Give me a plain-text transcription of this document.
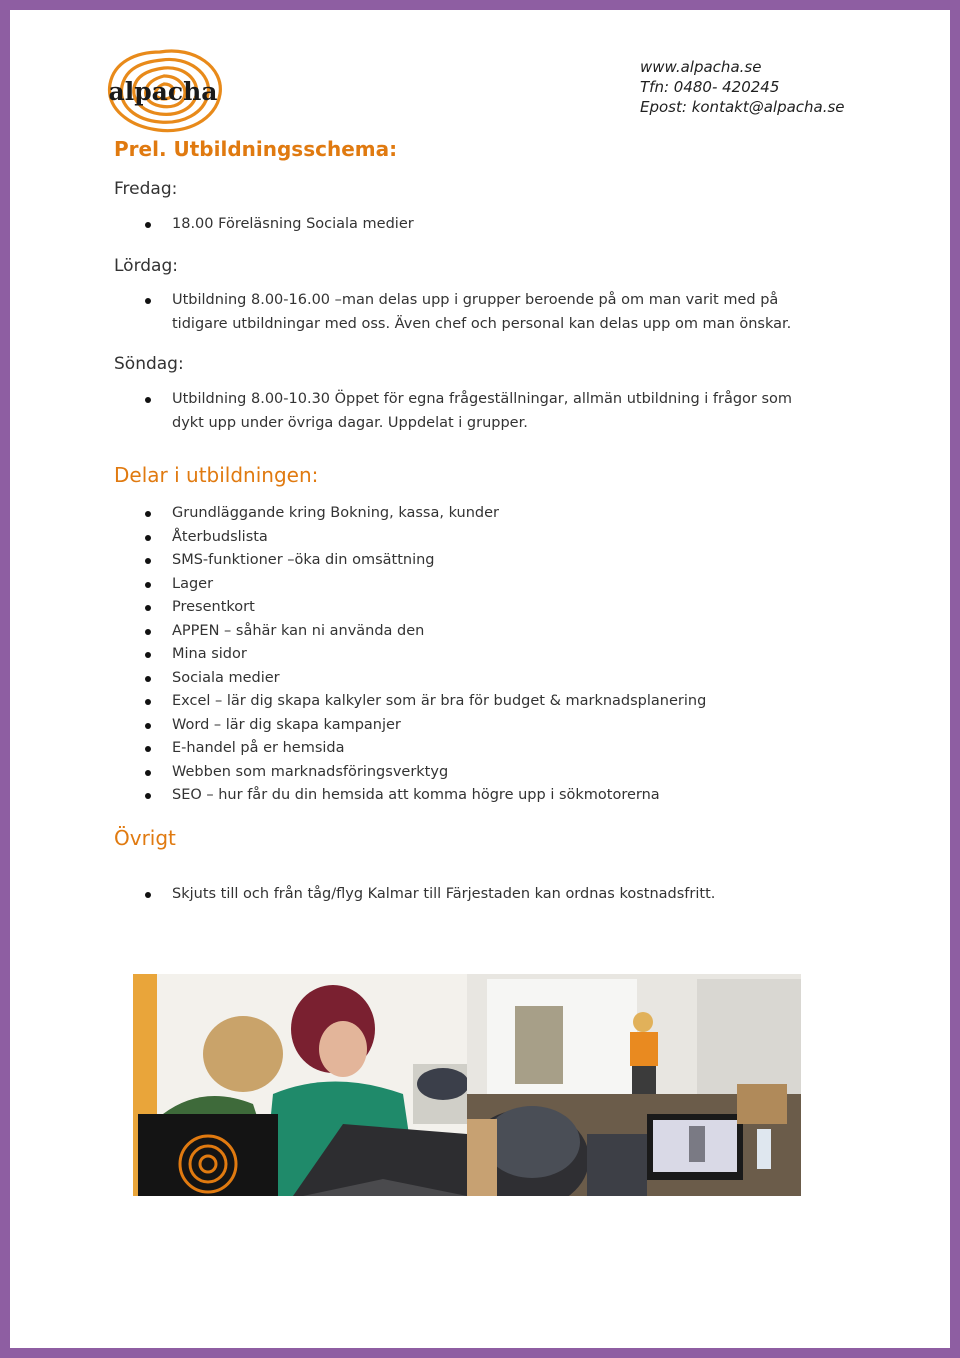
alpacha
www.alpacha.se
Tfn: 0480- 420245
Epost: kontakt@alpacha.se
Prel. Utbildningsschema:
Fredag:
18.00 Föreläsning Sociala medier
Lördag:
Utbildning 8.00-16.00 –man delas upp i grupper beroende på om man varit med på tidigare utbildningar med oss. Även chef och personal kan delas upp om man önskar.
Söndag:
Utbildning 8.00-10.30 Öppet för egna frågeställningar, allmän utbildning i frågor som dykt upp under övriga dagar. Uppdelat i grupper.
Delar i utbildningen:
Grundläggande kring Bokning, kassa, kunder
Återbudslista
SMS-funktioner –öka din omsättning
Lager
Presentkort
APPEN – såhär kan ni använda den
Mina sidor
Sociala medier
Excel – lär dig skapa kalkyler som är bra för budget & marknadsplanering
Word – lär dig skapa kampanjer
E-handel på er hemsida
Webben som marknadsföringsverktyg
SEO – hur får du din hemsida att komma högre upp i sökmotorerna
Övrigt
Skjuts till och från tåg/flyg Kalmar till Färjestaden kan ordnas kostnadsfritt.
